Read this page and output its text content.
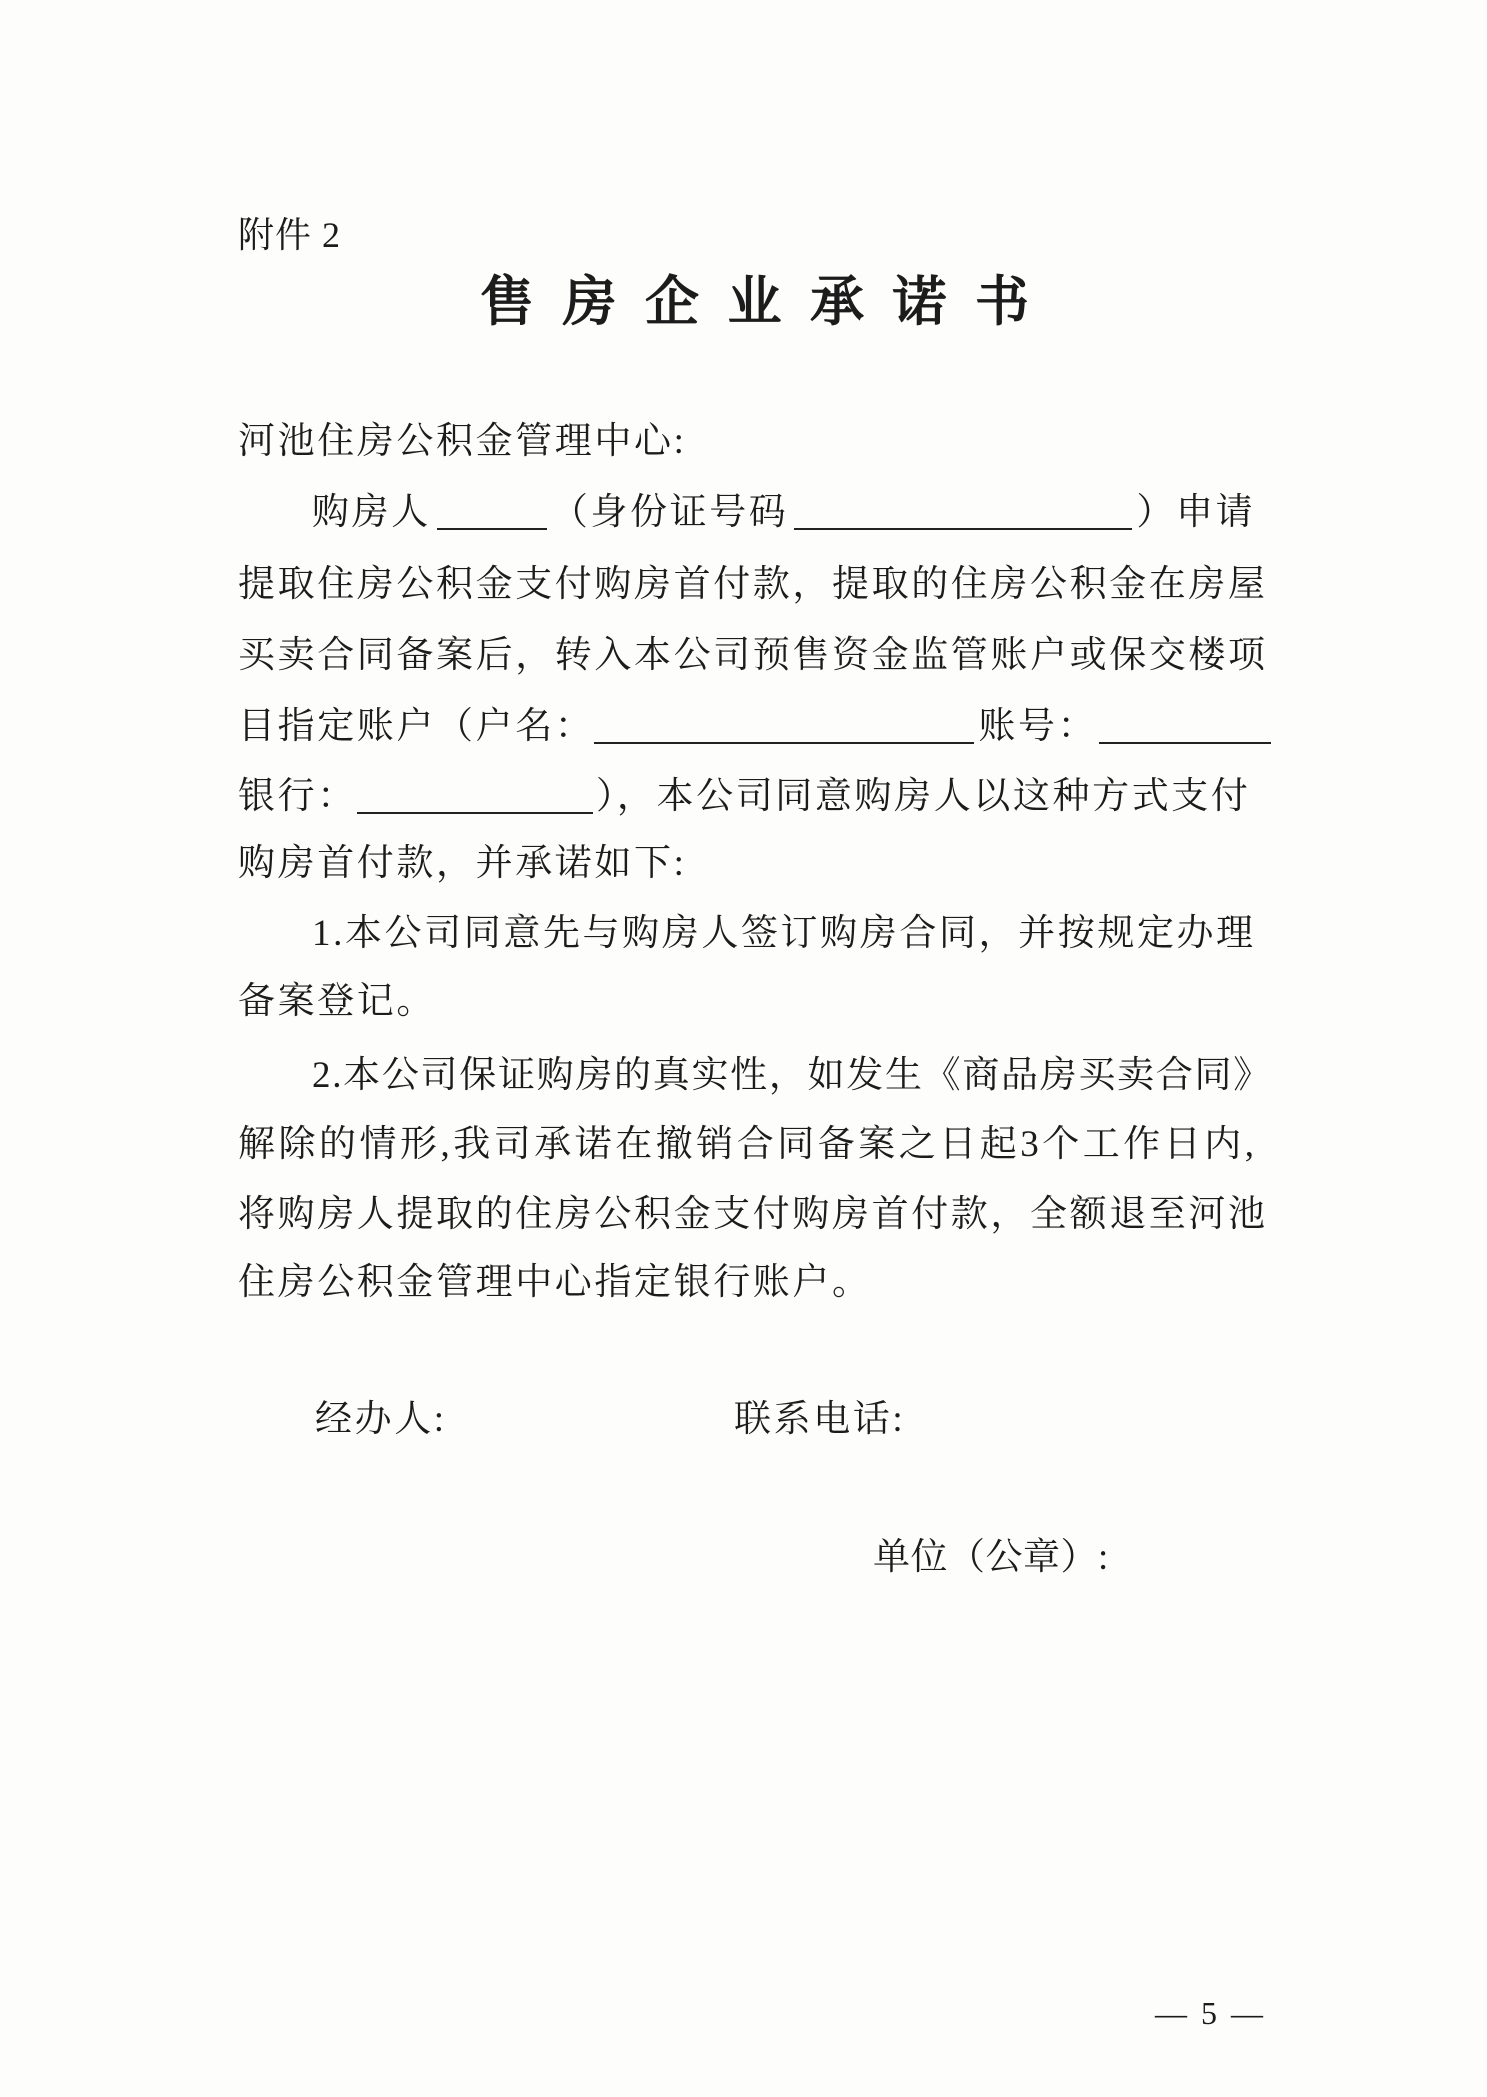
附件 2
售 房 企 业 承 诺 书
河池住房公积金管理中心:
购房人	（身份证号码	）申请
提取住房公积金支付购房首付款，提取的住房公积金在房屋
买卖合同备案后，转入本公司预售资金监管账户或保交楼项
目指定账户（户名：	账号：
银行：	），本公司同意购房人以这种方式支付
购房首付款，并承诺如下:
1.本公司同意先与购房人签订购房合同，并按规定办理
备案登记。
2.本公司保证购房的真实性，如发生《商品房买卖合同》
解除的情形,我司承诺在撤销合同备案之日起3个工作日内,
将购房人提取的住房公积金支付购房首付款，全额退至河池
住房公积金管理中心指定银行账户。
经办人:	联系电话:
单位（公章）:
— 5 —
